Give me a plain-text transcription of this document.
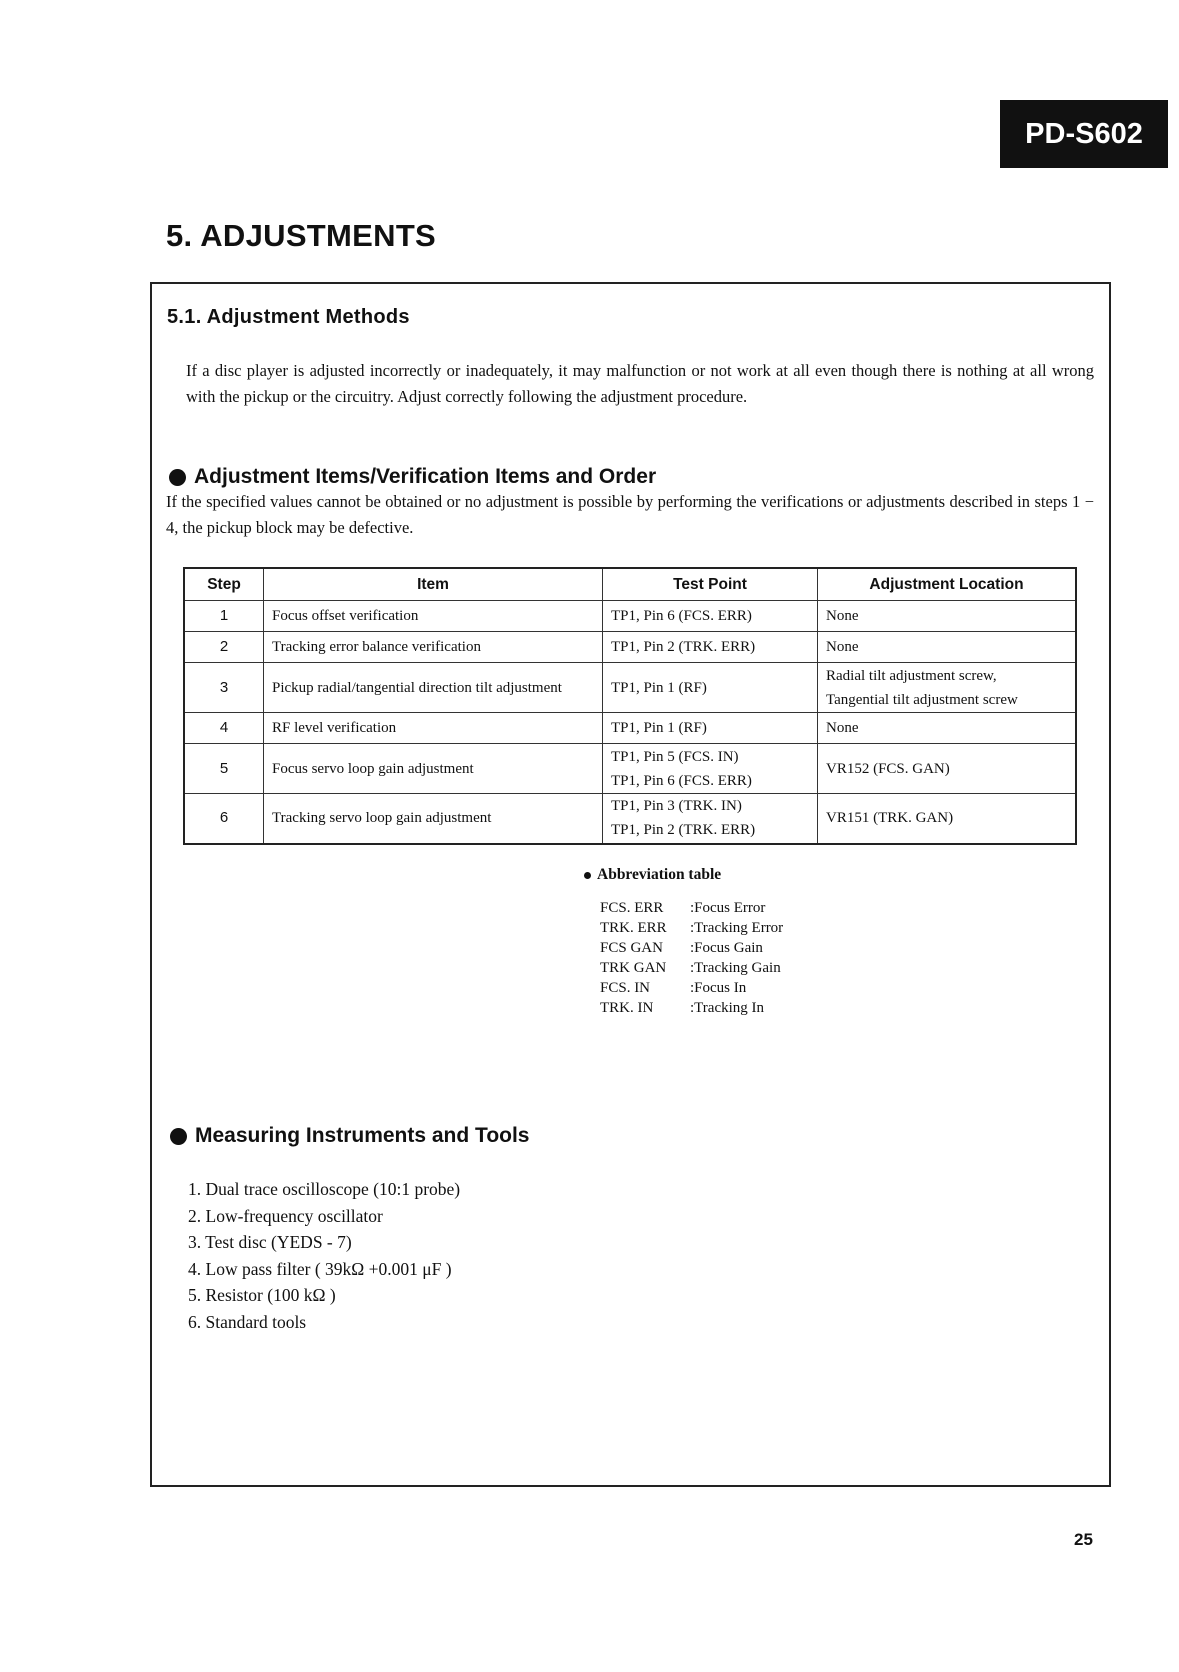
PD-S602
5. ADJUSTMENTS
5.1. Adjustment Methods

If a disc player is adjusted incorrectly or inadequately, it may malfunction or not work at all even though there is nothing at all wrong with the pickup or the circuitry. Adjust correctly following the adjustment procedure.

Adjustment Items/Verification Items and Order

If the specified values cannot be obtained or no adjustment is possible by performing the verifications or adjustments described in steps 1 − 4, the pickup block may be defective.

Step	Item	Test Point	Adjustment Location
1	Focus offset verification	TP1, Pin 6 (FCS. ERR)	None
2	Tracking error balance verification	TP1, Pin 2 (TRK. ERR)	None
3	Pickup radial/tangential direction tilt adjustment	TP1, Pin 1 (RF)	Radial tilt adjustment screw,
Tangential tilt adjustment screw
4	RF level verification	TP1, Pin 1 (RF)	None
5	Focus servo loop gain adjustment	TP1, Pin 5 (FCS. IN)
TP1, Pin 6 (FCS. ERR)	VR152 (FCS. GAN)
6	Tracking servo loop gain adjustment	TP1, Pin 3 (TRK. IN)
TP1, Pin 2 (TRK. ERR)	VR151 (TRK. GAN)
Abbreviation table
FCS. ERR	:Focus Error
TRK. ERR	:Tracking Error
FCS GAN	:Focus Gain
TRK GAN	:Tracking Gain
FCS. IN	:Focus In
TRK. IN	:Tracking In
Measuring Instruments and Tools
1. Dual trace oscilloscope (10:1 probe)
2. Low-frequency oscillator
3. Test disc (YEDS - 7)
4. Low pass filter ( 39kΩ +0.001 μF )
5. Resistor (100 kΩ )
6. Standard tools
25
